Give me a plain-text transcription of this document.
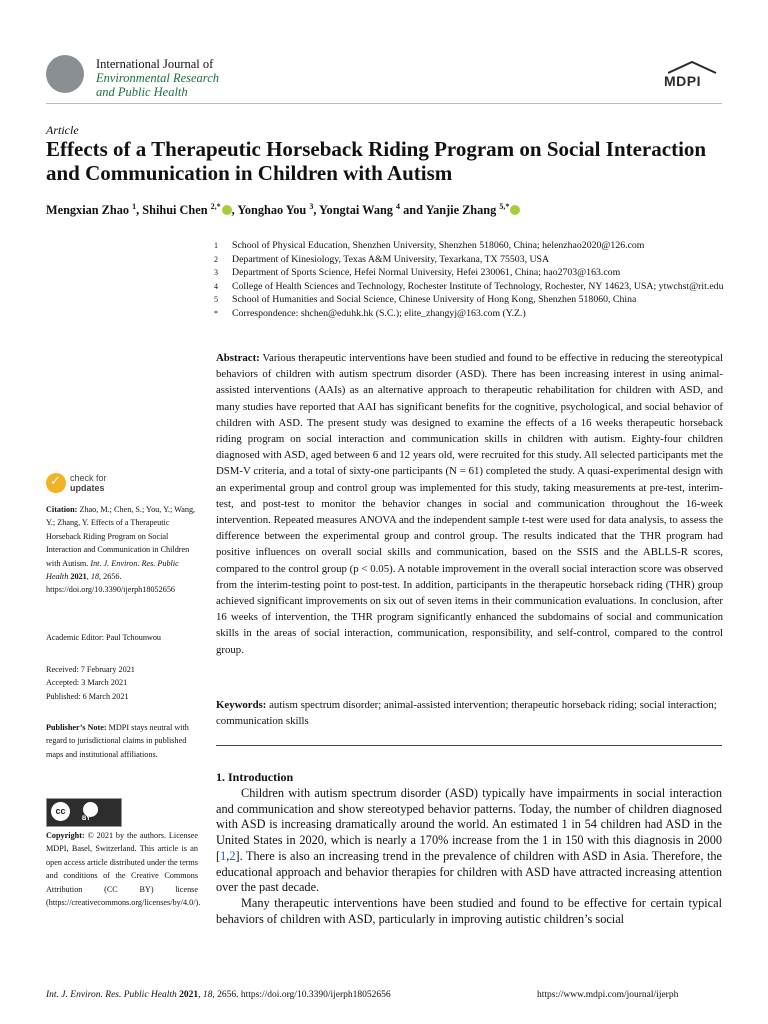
International Journal of
Environmental Research
and Public Health
MDPI
Article
Effects of a Therapeutic Horseback Riding Program on Social Interaction and Communication in Children with Autism
Mengxian Zhao $^1$, Shihui Chen $^{2,*}$ , Yonghao You $^3$, Yongtai Wang $^4$ and Yanjie Zhang $^{5,*}$
1	School of Physical Education, Shenzhen University, Shenzhen 518060, China; helenzhao2020@126.com
2	Department of Kinesiology, Texas A&M University, Texarkana, TX 75503, USA
3	Department of Sports Science, Hefei Normal University, Hefei 230061, China; hao2703@163.com
4	College of Health Sciences and Technology, Rochester Institute of Technology, Rochester, NY 14623, USA; ytwchst@rit.edu
5	School of Humanities and Social Science, Chinese University of Hong Kong, Shenzhen 518060, China
*	Correspondence: shchen@eduhk.hk (S.C.); elite_zhangyj@163.com (Y.Z.)
Abstract: Various therapeutic interventions have been studied and found to be effective in reducing the stereotypical behaviors of children with autism spectrum disorder (ASD). There has been increasing interest in using animal-assisted interventions (AAIs) as an alternative approach to therapeutic rehabilitation for children with ASD, and many studies have reported that AAI has significant benefits for the cognitive, psychological, and social behavior of children with ASD. The present study was designed to examine the effects of a 16 weeks therapeutic horseback riding program on social interaction and communication skills in children with autism. Eighty-four children diagnosed with ASD, aged between 6 and 12 years old, were recruited for this study. All selected participants met the DSM-V criteria, and a total of sixty-one participants (N = 61) completed the study. A quasi-experimental design with an experimental group and control group was implemented for this study, taking measurements at pre-test, interim-test, and post-test to monitor the behavior changes in social and communication throughout the 16-week intervention. Repeated measures ANOVA and the independent sample t-test were used for data analysis, to assess the difference between the experimental group and control group. The results indicated that the THR program had positive influences on overall social skills and communication, based on the SSIS and the ABLLS-R scores, compared to the control group (p < 0.05). A notable improvement in the overall social interaction score was observed from the interim-testing point to post-test. In addition, participants in the therapeutic horseback riding (THR) group achieved significant improvements on six out of seven items in their communication evaluations. In conclusion, after 16 weeks of intervention, the THR program significantly enhanced the subdomains of social and communication skills in the areas of social interaction, communication, responsibility, and self-control, compared to the control group.
Keywords: autism spectrum disorder; animal-assisted intervention; therapeutic horseback riding; social interaction; communication skills
1. Introduction

Children with autism spectrum disorder (ASD) typically have impairments in social interaction and communication and show stereotyped behavior patterns. Today, the number of children diagnosed with ASD is increasing dramatically around the world. An estimated 1 in 54 children had ASD in the United States in 2020, which is nearly a 170% increase from the 1 in 150 with this diagnosis in 2000 [1,2]. There is also an increasing trend in the prevalence of children with ASD in Asia. Therefore, the educational approach and behavior therapies for children with ASD have attracted increasing attention over the past decade.

Many therapeutic interventions have been studied and found to be effective for certain typical behaviors of children with ASD, particularly in improving autistic children’s social

✓
check for
updates
Citation: Zhao, M.; Chen, S.; You, Y.; Wang, Y.; Zhang, Y. Effects of a Therapeutic Horseback Riding Program on Social Interaction and Communication in Children with Autism. Int. J. Environ. Res. Public Health 2021, 18, 2656. https://doi.org/10.3390/ijerph18052656
Academic Editor: Paul Tchounwou
Received: 7 February 2021
Accepted: 3 March 2021
Published: 6 March 2021
Publisher’s Note: MDPI stays neutral with regard to jurisdictional claims in published maps and institutional affiliations.
cc
BY
Copyright: © 2021 by the authors. Licensee MDPI, Basel, Switzerland. This article is an open access article distributed under the terms and conditions of the Creative Commons Attribution (CC BY) license (https://creativecommons.org/licenses/by/4.0/).
Int. J. Environ. Res. Public Health 2021, 18, 2656. https://doi.org/10.3390/ijerph18052656	https://www.mdpi.com/journal/ijerph
